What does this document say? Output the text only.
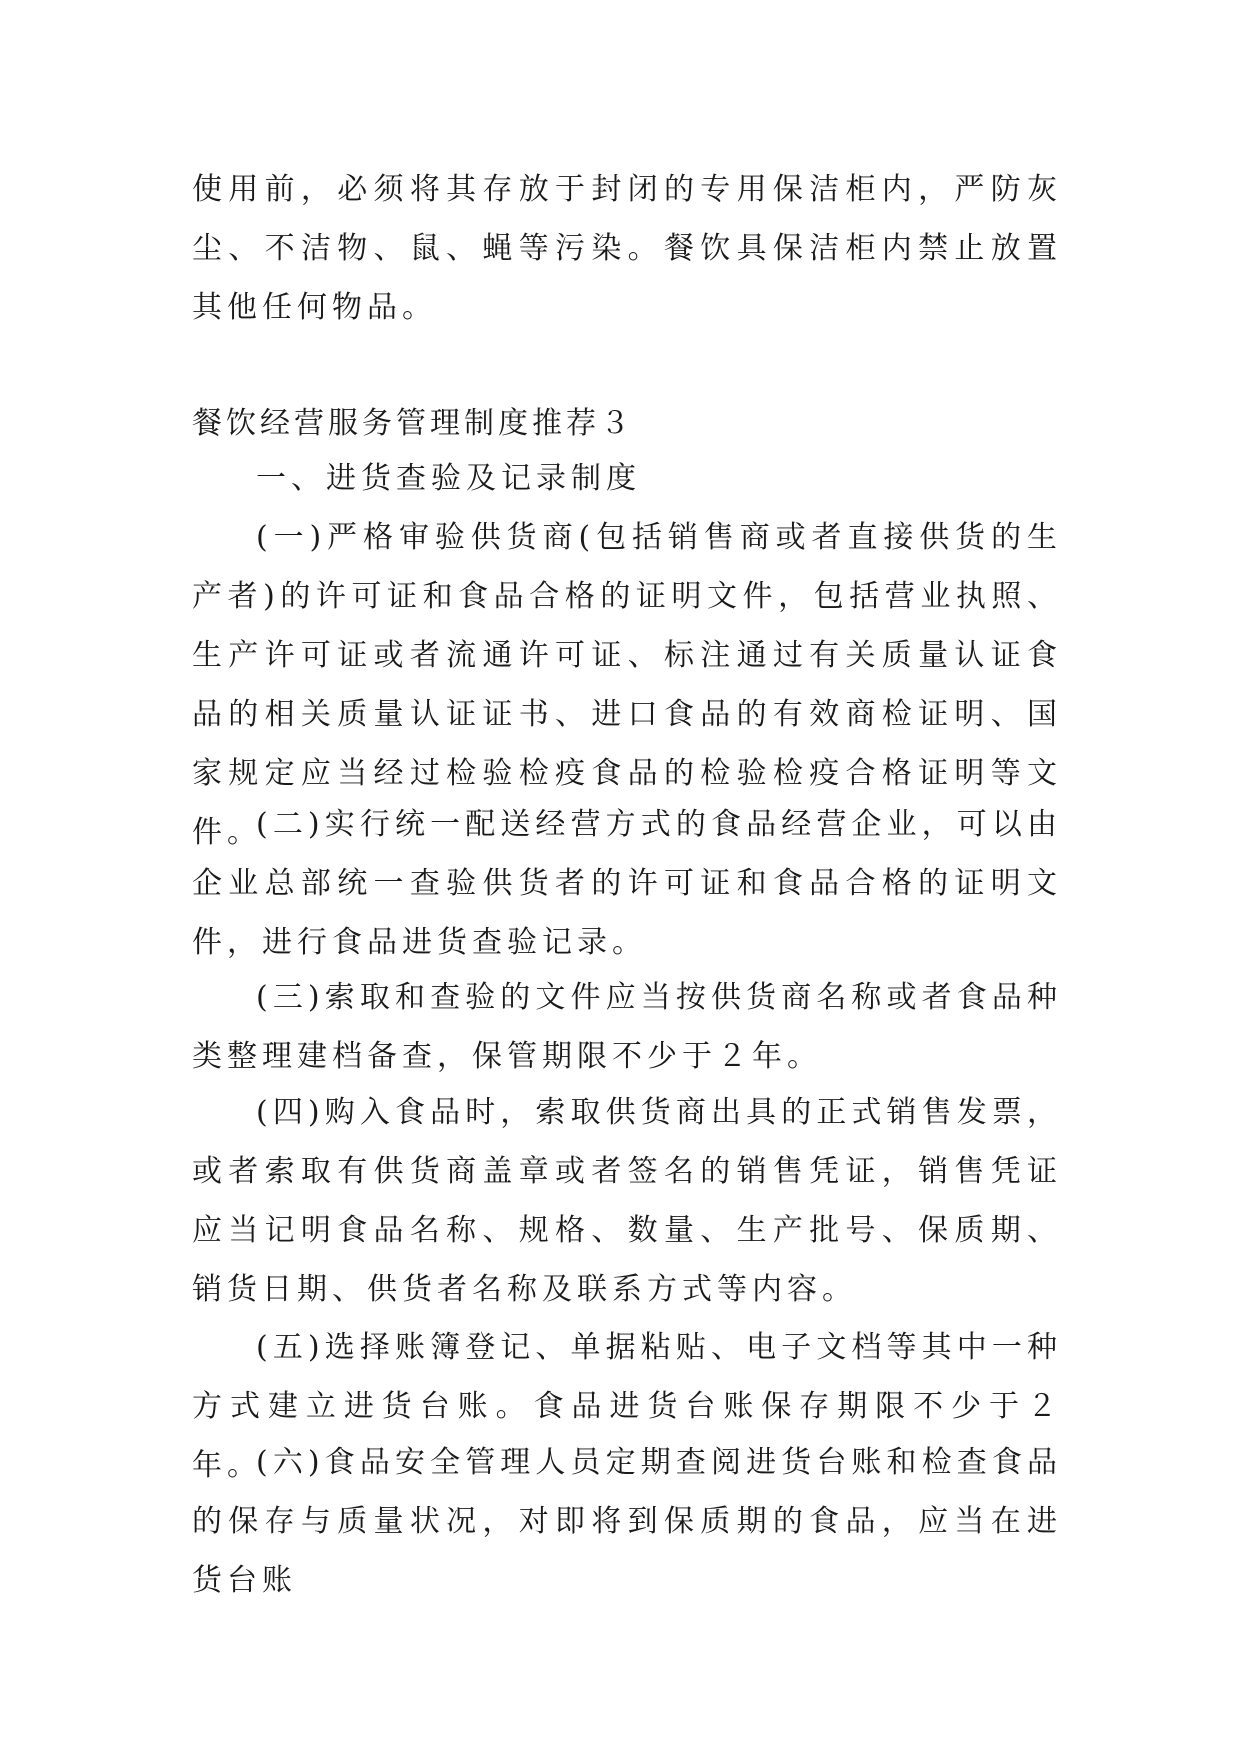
使用前，必须将其存放于封闭的专用保洁柜内，严防灰尘、不洁物、鼠、蝇等污染。餐饮具保洁柜内禁止放置其他任何物品。

餐饮经营服务管理制度推荐３

一、进货查验及记录制度

(一)严格审验供货商(包括销售商或者直接供货的生产者)的许可证和食品合格的证明文件，包括营业执照、生产许可证或者流通许可证、标注通过有关质量认证食品的相关质量认证证书、进口食品的有效商检证明、国家规定应当经过检验检疫食品的检验检疫合格证明等文件。

(二)实行统一配送经营方式的食品经营企业，可以由企业总部统一查验供货者的许可证和食品合格的证明文件，进行食品进货查验记录。

(三)索取和查验的文件应当按供货商名称或者食品种类整理建档备查，保管期限不少于２年。

(四)购入食品时，索取供货商出具的正式销售发票，或者索取有供货商盖章或者签名的销售凭证，销售凭证应当记明食品名称、规格、数量、生产批号、保质期、销货日期、供货者名称及联系方式等内容。

(五)选择账簿登记、单据粘贴、电子文档等其中一种方式建立进货台账。食品进货台账保存期限不少于２年。

(六)食品安全管理人员定期查阅进货台账和检查食品的保存与质量状况，对即将到保质期的食品，应当在进货台账
